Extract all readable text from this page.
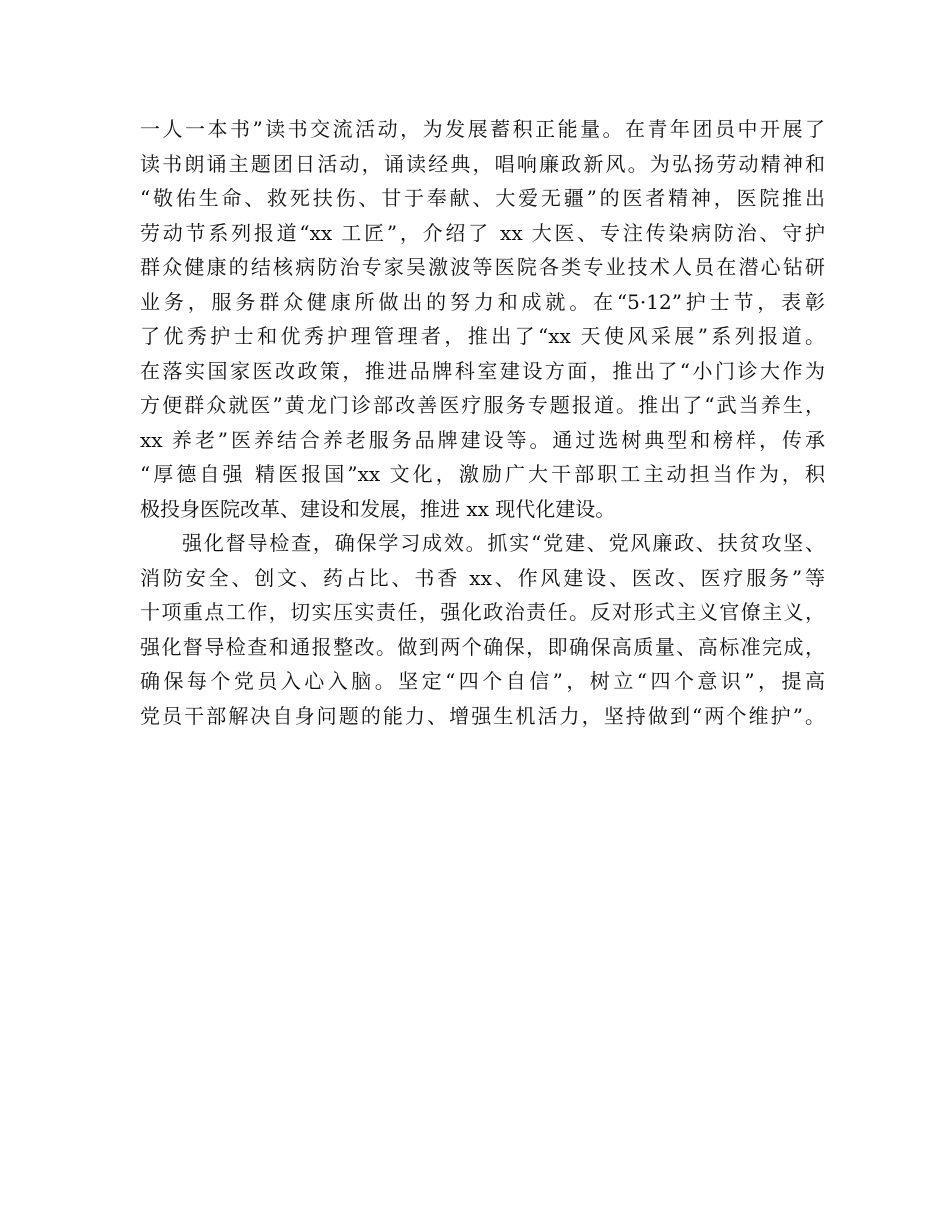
一人一本书”读书交流活动，为发展蓄积正能量。在青年团员中开展了
读书朗诵主题团日活动，诵读经典，唱响廉政新风。为弘扬劳动精神和
“敬佑生命、救死扶伤、甘于奉献、大爱无疆”的医者精神，医院推出
劳动节系列报道“xx 工匠”，介绍了 xx 大医、专注传染病防治、守护
群众健康的结核病防治专家吴激波等医院各类专业技术人员在潜心钻研
业务，服务群众健康所做出的努力和成就。在“5·12”护士节，表彰
了优秀护士和优秀护理管理者，推出了“xx 天使风采展”系列报道。
在落实国家医改政策，推进品牌科室建设方面，推出了“小门诊大作为
方便群众就医”黄龙门诊部改善医疗服务专题报道。推出了“武当养生，
xx 养老”医养结合养老服务品牌建设等。通过选树典型和榜样，传承
“厚德自强 精医报国”xx 文化，激励广大干部职工主动担当作为，积
极投身医院改革、建设和发展，推进 xx 现代化建设。
强化督导检查，确保学习成效。抓实“党建、党风廉政、扶贫攻坚、
消防安全、创文、药占比、书香 xx、作风建设、医改、医疗服务”等
十项重点工作，切实压实责任，强化政治责任。反对形式主义官僚主义，
强化督导检查和通报整改。做到两个确保，即确保高质量、高标准完成，
确保每个党员入心入脑。坚定“四个自信”，树立“四个意识”，提高
党员干部解决自身问题的能力、增强生机活力，坚持做到“两个维护”。
